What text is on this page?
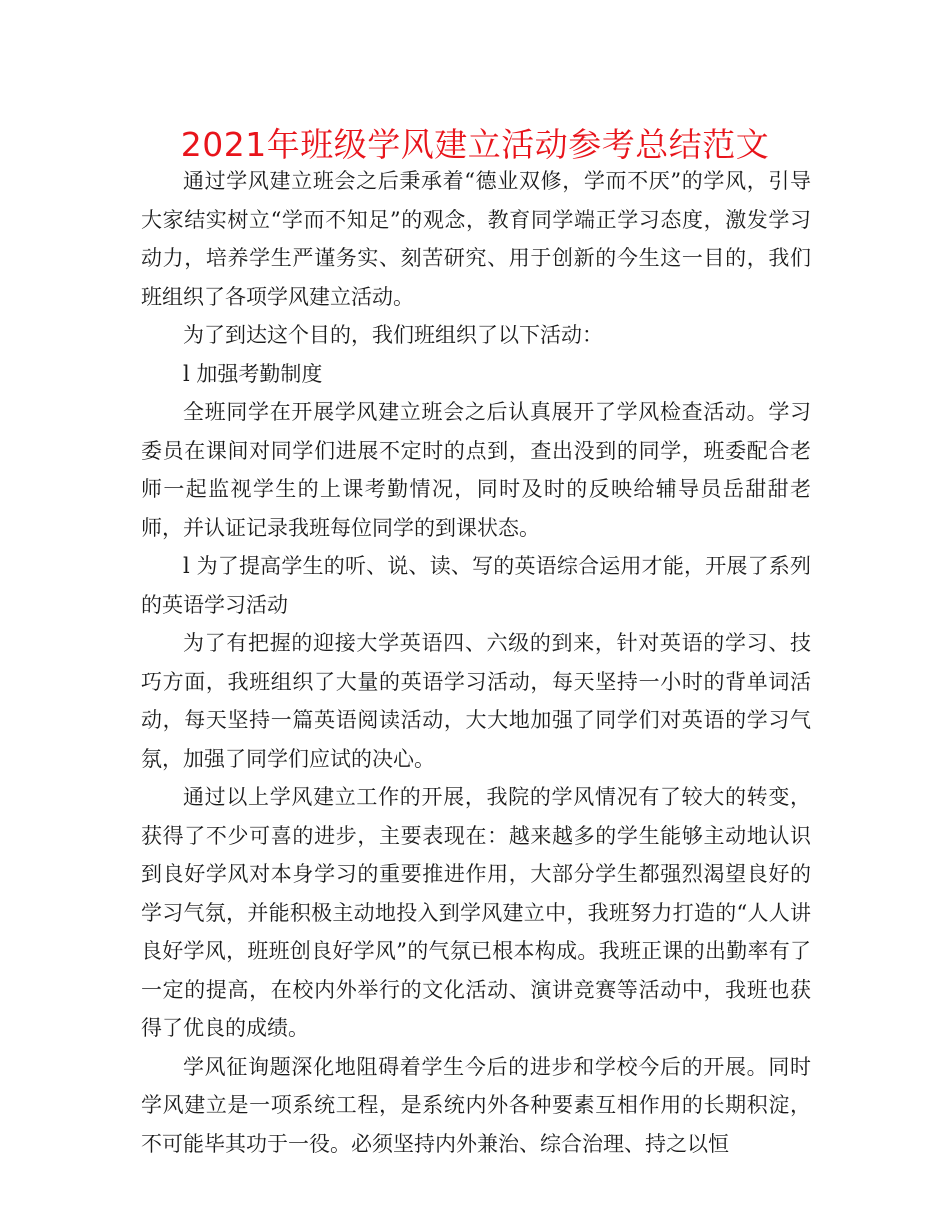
2021年班级学风建立活动参考总结范文

通过学风建立班会之后秉承着“德业双修，学而不厌”的学风，引导大家结实树立“学而不知足”的观念，教育同学端正学习态度，激发学习动力，培养学生严谨务实、刻苦研究、用于创新的今生这一目的，我们班组织了各项学风建立活动。

为了到达这个目的，我们班组织了以下活动：

l 加强考勤制度

全班同学在开展学风建立班会之后认真展开了学风检查活动。学习委员在课间对同学们进展不定时的点到，查出没到的同学，班委配合老师一起监视学生的上课考勤情况，同时及时的反映给辅导员岳甜甜老师，并认证记录我班每位同学的到课状态。

l 为了提高学生的听、说、读、写的英语综合运用才能，开展了系列的英语学习活动

为了有把握的迎接大学英语四、六级的到来，针对英语的学习、技巧方面，我班组织了大量的英语学习活动，每天坚持一小时的背单词活动，每天坚持一篇英语阅读活动，大大地加强了同学们对英语的学习气氛，加强了同学们应试的决心。

通过以上学风建立工作的开展，我院的学风情况有了较大的转变，获得了不少可喜的进步，主要表现在：越来越多的学生能够主动地认识到良好学风对本身学习的重要推进作用，大部分学生都强烈渴望良好的学习气氛，并能积极主动地投入到学风建立中，我班努力打造的“人人讲良好学风，班班创良好学风”的气氛已根本构成。我班正课的出勤率有了一定的提高，在校内外举行的文化活动、演讲竞赛等活动中，我班也获得了优良的成绩。

学风征询题深化地阻碍着学生今后的进步和学校今后的开展。同时学风建立是一项系统工程，是系统内外各种要素互相作用的长期积淀，不可能毕其功于一役。必须坚持内外兼治、综合治理、持之以恒
